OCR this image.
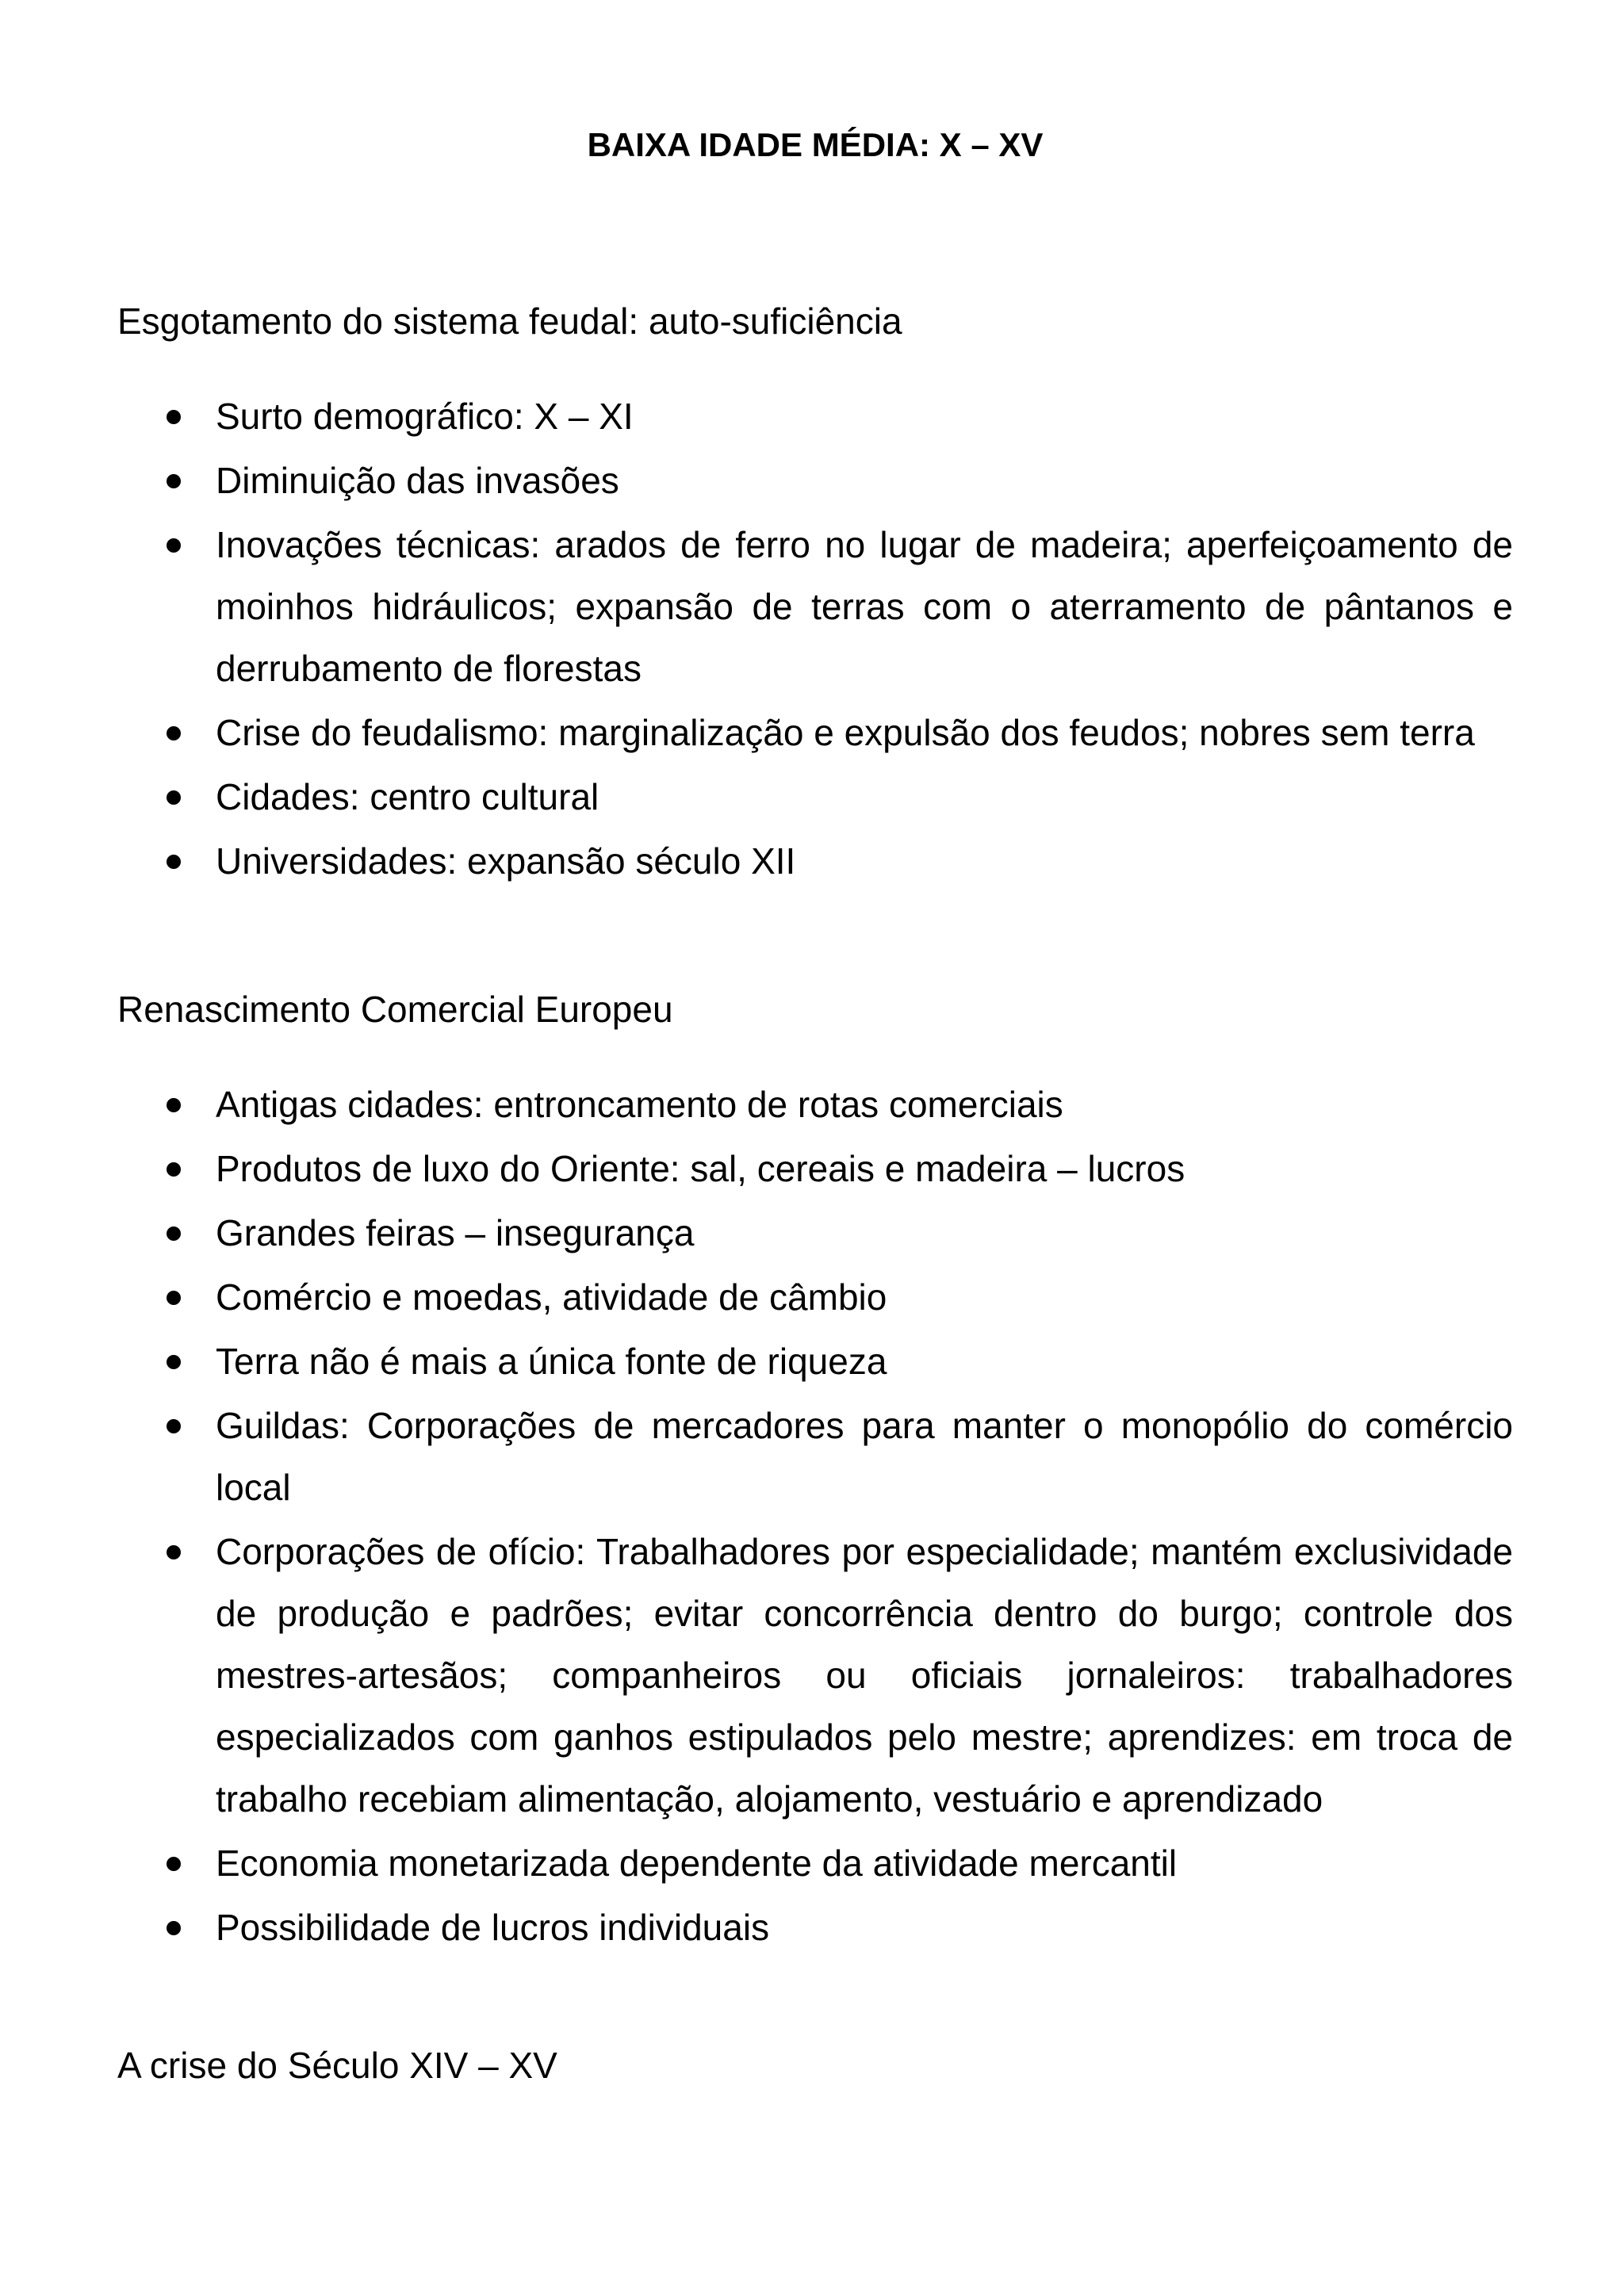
BAIXA IDADE MÉDIA: X – XV

Esgotamento do sistema feudal: auto-suficiência

Surto demográfico: X – XI
Diminuição das invasões
Inovações técnicas: arados de ferro no lugar de madeira; aperfeiçoamento de moinhos hidráulicos; expansão de terras com o aterramento de pântanos e derrubamento de florestas
Crise do feudalismo: marginalização e expulsão dos feudos; nobres sem terra
Cidades: centro cultural
Universidades: expansão século XII

Renascimento Comercial Europeu

Antigas cidades: entroncamento de rotas comerciais
Produtos de luxo do Oriente: sal, cereais e madeira – lucros
Grandes feiras – insegurança
Comércio e moedas, atividade de câmbio
Terra não é mais a única fonte de riqueza
Guildas: Corporações de mercadores para manter o monopólio do comércio local
Corporações de ofício: Trabalhadores por especialidade; mantém exclusividade de produção e padrões; evitar concorrência dentro do burgo; controle dos mestres-artesãos; companheiros ou oficiais jornaleiros: trabalhadores especializados com ganhos estipulados pelo mestre; aprendizes: em troca de trabalho recebiam alimentação, alojamento, vestuário e aprendizado
Economia monetarizada dependente da atividade mercantil
Possibilidade de lucros individuais

A crise do Século XIV – XV
